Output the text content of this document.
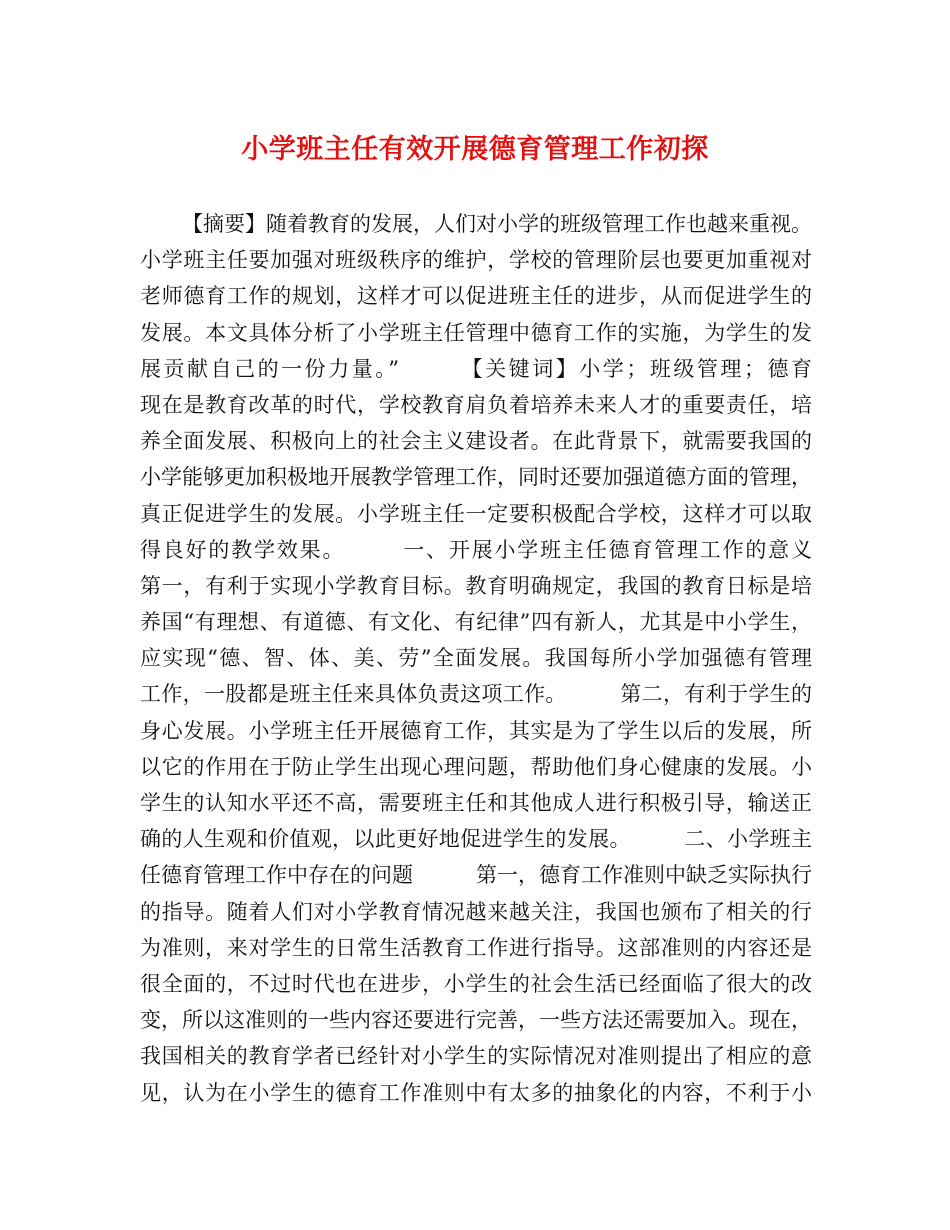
小学班主任有效开展德育管理工作初探
【摘要】随着教育的发展，人们对小学的班级管理工作也越来重视。
小学班主任要加强对班级秩序的维护，学校的管理阶层也要更加重视对
老师德育工作的规划，这样才可以促进班主任的进步，从而促进学生的
发展。本文具体分析了小学班主任管理中德育工作的实施，为学生的发
展贡献自己的一份力量。”　　　【关键词】小学；班级管理；德育
现在是教育改革的时代，学校教育肩负着培养未来人才的重要责任，培
养全面发展、积极向上的社会主义建设者。在此背景下，就需要我国的
小学能够更加积极地开展教学管理工作，同时还要加强道德方面的管理，
真正促进学生的发展。小学班主任一定要积极配合学校，这样才可以取
得良好的教学效果。　　　一、开展小学班主任德育管理工作的意义
第一，有利于实现小学教育目标。教育明确规定，我国的教育日标是培
养国“有理想、有道德、有文化、有纪律”四有新人，尤其是中小学生，
应实现“德、智、体、美、劳”全面发展。我国每所小学加强德有管理
工作，一股都是班主任来具体负责这项工作。　　　第二，有利于学生的
身心发展。小学班主任开展德育工作，其实是为了学生以后的发展，所
以它的作用在于防止学生出现心理问题，帮助他们身心健康的发展。小
学生的认知水平还不高，需要班主任和其他成人进行积极引导，输送正
确的人生观和价值观，以此更好地促进学生的发展。　　　二、小学班主
任德育管理工作中存在的问题　　　第一，德育工作准则中缺乏实际执行
的指导。随着人们对小学教育情况越来越关注，我国也颁布了相关的行
为准则，来对学生的日常生活教育工作进行指导。这部准则的内容还是
很全面的，不过时代也在进步，小学生的社会生活已经面临了很大的改
变，所以这准则的一些内容还要进行完善，一些方法还需要加入。现在，
我国相关的教育学者已经针对小学生的实际情况对准则提出了相应的意
见，认为在小学生的德育工作准则中有太多的抽象化的内容，不利于小
